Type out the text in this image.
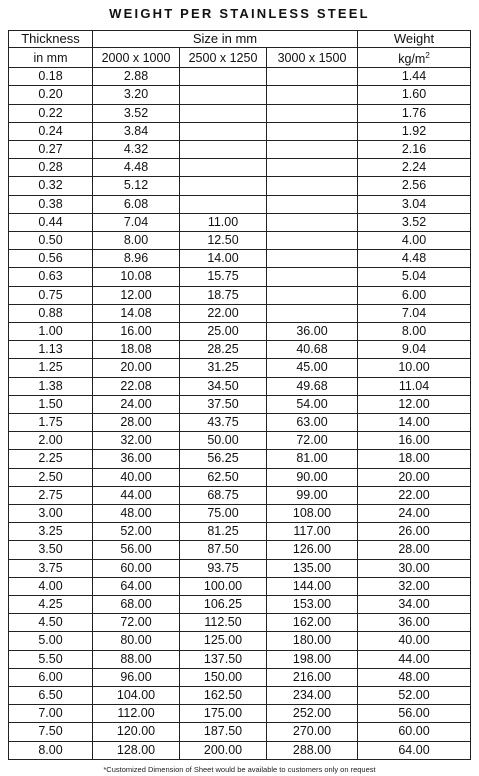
WEIGHT PER STAINLESS STEEL
Thickness	Size in mm			Weight
in mm	2000 x 1000	2500 x 1250	3000 x 1500	$kg/m^2$
0.18	2.88			1.44
0.20	3.20			1.60
0.22	3.52			1.76
0.24	3.84			1.92
0.27	4.32			2.16
0.28	4.48			2.24
0.32	5.12			2.56
0.38	6.08			3.04
0.44	7.04	11.00		3.52
0.50	8.00	12.50		4.00
0.56	8.96	14.00		4.48
0.63	10.08	15.75		5.04
0.75	12.00	18.75		6.00
0.88	14.08	22.00		7.04
1.00	16.00	25.00	36.00	8.00
1.13	18.08	28.25	40.68	9.04
1.25	20.00	31.25	45.00	10.00
1.38	22.08	34.50	49.68	11.04
1.50	24.00	37.50	54.00	12.00
1.75	28.00	43.75	63.00	14.00
2.00	32.00	50.00	72.00	16.00
2.25	36.00	56.25	81.00	18.00
2.50	40.00	62.50	90.00	20.00
2.75	44.00	68.75	99.00	22.00
3.00	48.00	75.00	108.00	24.00
3.25	52.00	81.25	117.00	26.00
3.50	56.00	87.50	126.00	28.00
3.75	60.00	93.75	135.00	30.00
4.00	64.00	100.00	144.00	32.00
4.25	68.00	106.25	153.00	34.00
4.50	72.00	112.50	162.00	36.00
5.00	80.00	125.00	180.00	40.00
5.50	88.00	137.50	198.00	44.00
6.00	96.00	150.00	216.00	48.00
6.50	104.00	162.50	234.00	52.00
7.00	112.00	175.00	252.00	56.00
7.50	120.00	187.50	270.00	60.00
8.00	128.00	200.00	288.00	64.00
*Customized Dimension of Sheet would be available to customers only on request
